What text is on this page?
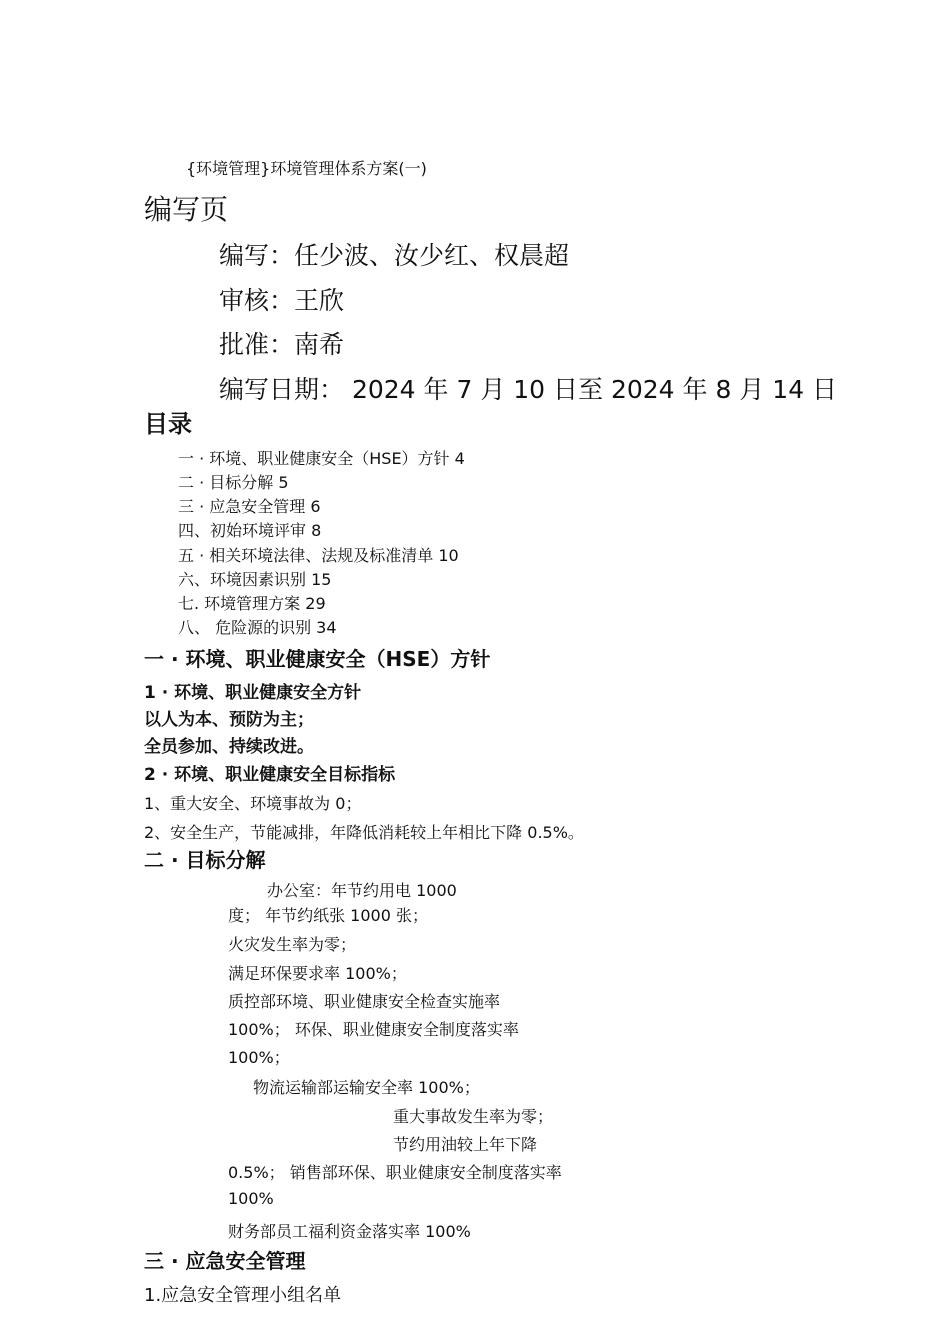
{环境管理}环境管理体系方案(一)
编写页
编写：任少波、汝少红、权晨超
审核：王欣
批准：南希
编写日期： 2024 年 7 月 10 日至 2024 年 8 月 14 日
目录
一 · 环境、职业健康安全（HSE）方针 4
二 · 目标分解 5
三 · 应急安全管理 6
四、初始环境评审 8
五 · 相关环境法律、法规及标准清单 10
六、环境因素识别 15
七. 环境管理方案 29
八、 危险源的识别 34
一 · 环境、职业健康安全（HSE）方针
1 · 环境、职业健康安全方针
以人为本、预防为主；
全员参加、持续改进。
2 · 环境、职业健康安全目标指标
1、重大安全、环境事故为 0；
2、安全生产，节能减排，年降低消耗较上年相比下降 0.5%。
二 · 目标分解
办公室：年节约用电 1000
度； 年节约纸张 1000 张；
火灾发生率为零；
满足环保要求率 100%；
质控部环境、职业健康安全检查实施率
100%； 环保、职业健康安全制度落实率
100%；
物流运输部运输安全率 100%；
重大事故发生率为零；
节约用油较上年下降
0.5%； 销售部环保、职业健康安全制度落实率
100%
财务部员工福利资金落实率 100%
三 · 应急安全管理
1.应急安全管理小组名单
